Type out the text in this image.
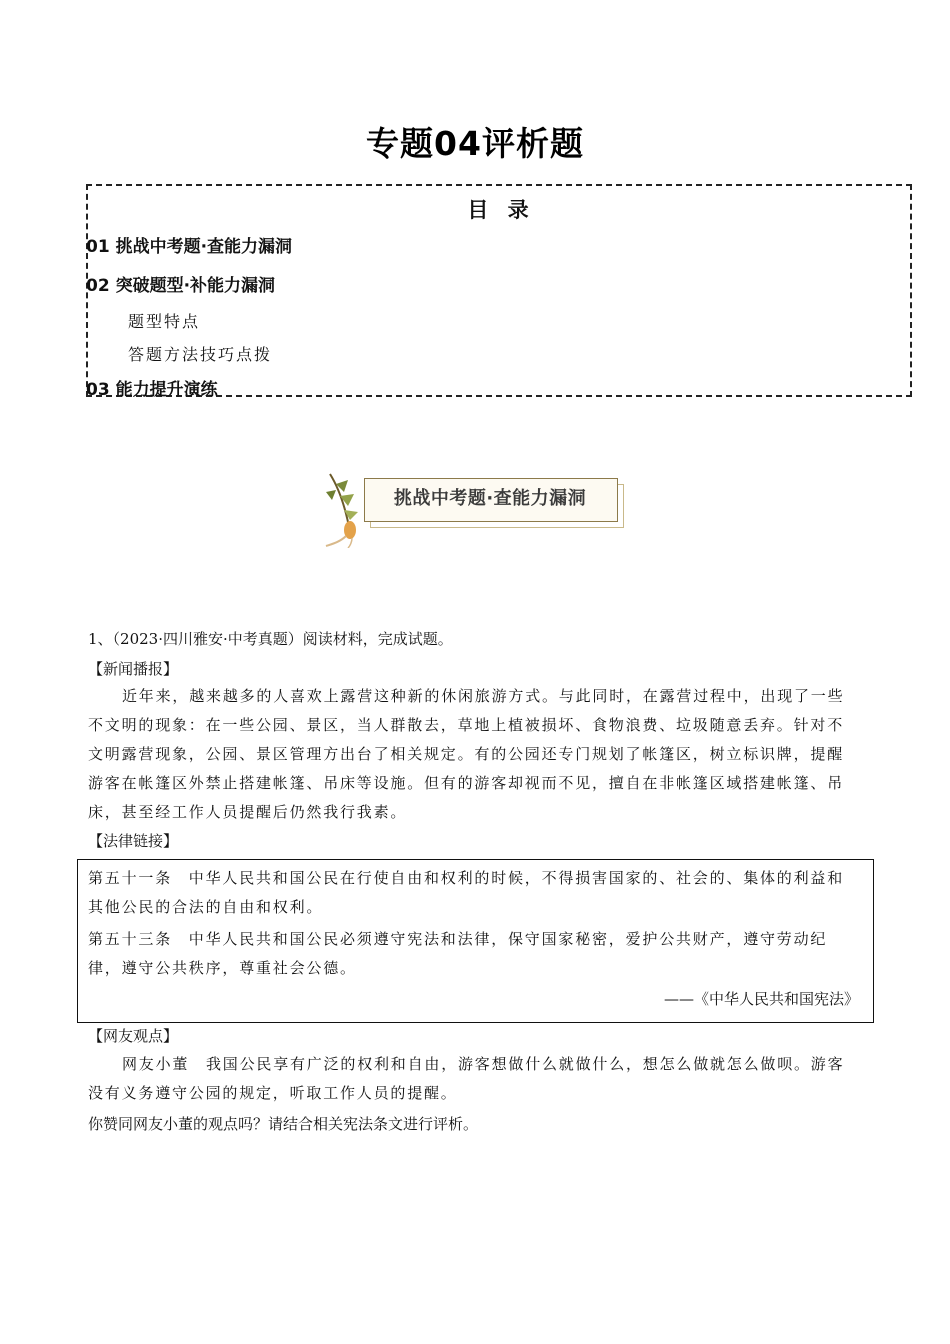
专题04评析题
目 录
01 挑战中考题·查能力漏洞
02 突破题型·补能力漏洞
题型特点
答题方法技巧点拨
03 能力提升演练
挑战中考题·查能力漏洞
1、（2023·四川雅安·中考真题）阅读材料，完成试题。
【新闻播报】
近年来，越来越多的人喜欢上露营这种新的休闲旅游方式。与此同时，在露营过程中，出现了一些不文明的现象：在一些公园、景区，当人群散去，草地上植被损坏、食物浪费、垃圾随意丢弃。针对不文明露营现象，公园、景区管理方出台了相关规定。有的公园还专门规划了帐篷区，树立标识牌，提醒游客在帐篷区外禁止搭建帐篷、吊床等设施。但有的游客却视而不见，擅自在非帐篷区域搭建帐篷、吊床，甚至经工作人员提醒后仍然我行我素。
【法律链接】
第五十一条　中华人民共和国公民在行使自由和权利的时候，不得损害国家的、社会的、集体的利益和其他公民的合法的自由和权利。
第五十三条　中华人民共和国公民必须遵守宪法和法律，保守国家秘密，爱护公共财产，遵守劳动纪律，遵守公共秩序，尊重社会公德。
——《中华人民共和国宪法》
【网友观点】
网友小董　我国公民享有广泛的权利和自由，游客想做什么就做什么，想怎么做就怎么做呗。游客没有义务遵守公园的规定，听取工作人员的提醒。
你赞同网友小董的观点吗？请结合相关宪法条文进行评析。
